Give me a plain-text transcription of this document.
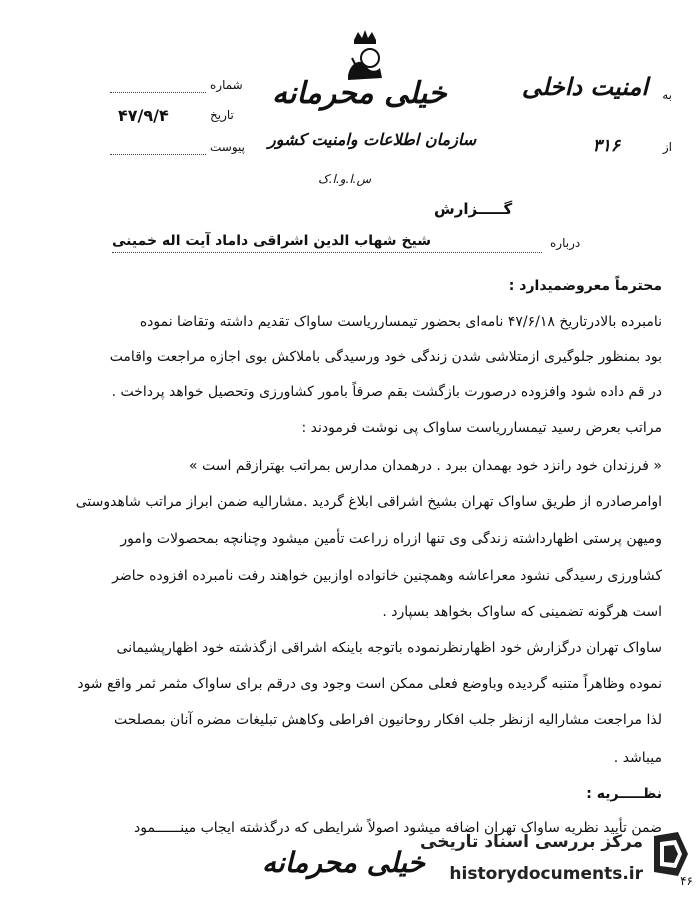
به
امنیت داخلی
از
۳۱۶
شماره
تاریخ
۴۷/۹/۴
پیوست
خیلی محرمانه
سازمان اطلاعات وامنیت کشور
س.ا.و.ا.ک
گـــــزارش
درباره
شیخ شهاب الدین اشراقی داماد آیت اله خمینی
محترماً معروضمیدارد :
نامبرده بالادرتاریخ ۴۷/۶/۱۸ نامه‌ای بحضور تیمسارریاست ساواک تقدیم داشته وتقاضا نموده
بود بمنظور جلوگیری ازمتلاشی شدن زندگی خود ورسیدگی باملاکش بوی اجازه مراجعت واقامت
در قم داده شود وافزوده درصورت بازگشت بقم صرفاً بامور کشاورزی وتحصیل خواهد پرداخت .
مراتب بعرض رسید تیمسارریاست ساواک پی نوشت فرمودند :
« فرزندان خود رانزد خود بهمدان ببرد . درهمدان مدارس بمراتب بهترازقم است »
اوامرصادره از طریق ساواک تهران بشیخ اشراقی ابلاغ گردید .مشارالیه ضمن ابراز مراتب شاهدوستی
ومیهن پرستی اظهارداشته زندگی وی تنها ازراه زراعت تأمین میشود وچنانچه بمحصولات وامور
کشاورزی رسیدگی نشود معراعاشه وهمچنین خانواده اوازبین خواهند رفت نامبرده افزوده حاضر
است هرگونه تضمینی که ساواک بخواهد بسپارد .
ساواک تهران درگزارش خود اظهارنظرنموده باتوجه باینکه اشراقی ازگذشته خود اظهارپشیمانی
نموده وظاهراً متنبه گردیده وباوضع فعلی ممکن است وجود وی درقم برای ساواک مثمر ثمر واقع شود
لذا مراجعت مشارالیه ازنظر جلب افکار روحانیون افراطی وکاهش تبلیغات مضره آنان بمصلحت
میباشد .
نظـــــریه :
ضمن تأیید نظریه ساواک تهران اضافه میشود اصولاً شرایطی که درگذشته ایجاب مینــــــمود
خیلی محرمانه
مرکز بررسی اسناد تاریخی
historydocuments.ir	۴۶
